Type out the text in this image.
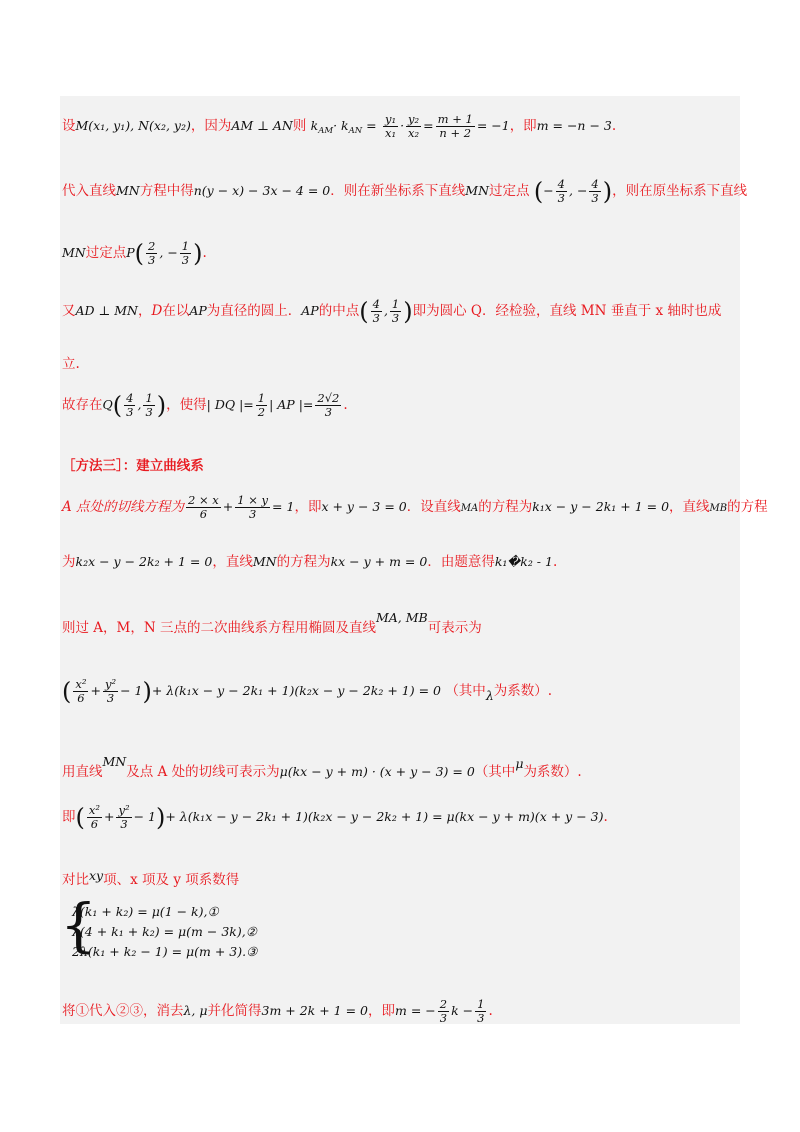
设M(x₁, y₁), N(x₂, y₂)，因为AM ⊥ AN则 $k_{AM}\cdot k_{AN} = \frac{\text{y₁}}{\text{x₁}} \cdot \frac{\text{y₂}}{\text{x₂}} = \frac{m + 1}{n + 2} = -1$，即m = −n − 3.
代入直线MN方程中得n(y − x) − 3x − 4 = 0．则在新坐标系下直线MN过定点 (− $\frac{4}{3}$ , − $\frac{4}{3}$ )，则在原坐标系下直线
MN过定点$P( \frac{2}{3}$ , − $\frac{1}{3}$ ).
又AD ⊥ MN，D在以AP为直径的圆上．AP的中点( $\frac{4}{3}$ , $\frac{1}{3}$ )即为圆心 Q．经检验，直线 MN 垂直于 x 轴时也成
立.
故存在$Q( \frac{4}{3}$ , $\frac{1}{3}$ )，使得| DQ |= $\frac{1}{2}$ | AP |= $\frac{2√2}{3}$ .
［方法三］：建立曲线系
A 点处的切线方程为 $\frac{2 \times x}{6} + \frac{1 \times y}{3} = 1$，即x + y − 3 = 0．设直线MA的方程为k₁x − y − 2k₁ + 1 = 0，直线MB的方程
为k₂x − y − 2k₂ + 1 = 0，直线MN的方程为kx − y + m = 0．由题意得k₁�k₂ - 1.
则过 A，M，N 三点的二次曲线系方程用椭圆及直线MA, MB可表示为
( $\frac{\text{x²}}{6} + \frac{\text{y²}}{3} - 1)+ \lambda(k_1x - y - 2k_1 + 1)(k_2x - y - 2k_2 + 1) = 0$ （其中λ为系数）.
用直线MN及点 A 处的切线可表示为μ(kx − y + m) · (x + y − 3) = 0（其中μ为系数）.
即( $\frac{\text{x²}}{6} + \frac{\text{y²}}{3} - 1)+ \lambda(k_1x - y - 2k_1 + 1)(k_2x - y - 2k_2 + 1) = \mu(kx - y + m)(x + y - 3)$.
对比xy项、x 项及 y 项系数得
{
λ(k₁ + k₂) = μ(1 − k),①
λ(4 + k₁ + k₂) = μ(m − 3k),②
2λ(k₁ + k₂ − 1) = μ(m + 3).③
将①代入②③，消去λ, μ并化简得3m + 2k + 1 = 0，即m = − $\frac{2}{3}$ $k - \frac{1}{3}$ .
